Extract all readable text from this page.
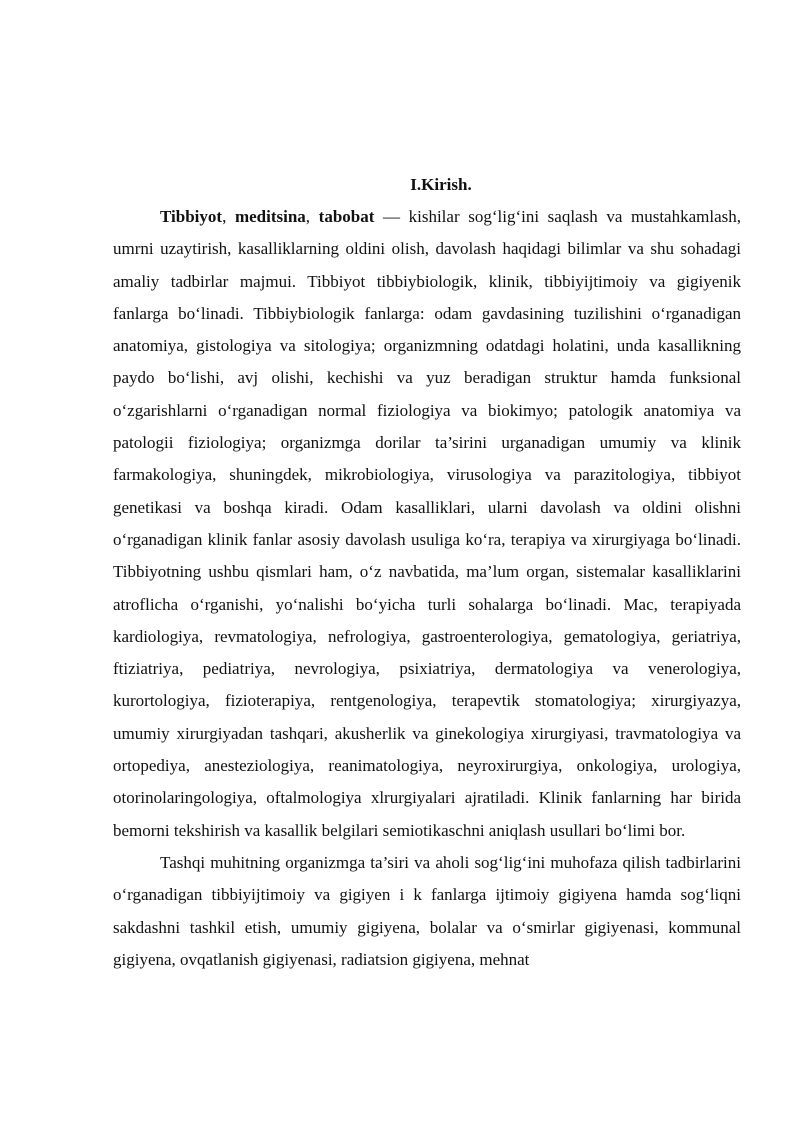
I.Kirish.

Tibbiyot, meditsina, tabobat — kishilar sog‘lig‘ini saqlash va mustahkamlash, umrni uzaytirish, kasalliklarning oldini olish, davolash haqidagi bilimlar va shu sohadagi amaliy tadbirlar majmui. Tibbiyot tibbiybiologik, klinik, tibbiyijtimoiy va gigiyenik fanlarga bo‘linadi. Tibbiybiologik fanlarga: odam gavdasining tuzilishini o‘rganadigan anatomiya, gistologiya va sitologiya; organizmning odatdagi holatini, unda kasallikning paydo bo‘lishi, avj olishi, kechishi va yuz beradigan struktur hamda funksional o‘zgarishlarni o‘rganadigan normal fiziologiya va biokimyo; patologik anatomiya va patologii fiziologiya; organizmga dorilar ta’sirini urganadigan umumiy va klinik farmakologiya, shuningdek, mikrobiologiya, virusologiya va parazitologiya, tibbiyot genetikasi va boshqa kiradi. Odam kasalliklari, ularni davolash va oldini olishni o‘rganadigan klinik fanlar asosiy davolash usuliga ko‘ra, terapiya va xirurgiyaga bo‘linadi. Tibbiyotning ushbu qismlari ham, o‘z navbatida, ma’lum organ, sistemalar kasalliklarini atroflicha o‘rganishi, yo‘nalishi bo‘yicha turli sohalarga bo‘linadi. Mac, terapiyada kardiologiya, revmatologiya, nefrologiya, gastroenterologiya, gematologiya, geriatriya, ftiziatriya, pediatriya, nevrologiya, psixiatriya, dermatologiya va venerologiya, kurortologiya, fizioterapiya, rentgenologiya, terapevtik stomatologiya; xirurgiyazya, umumiy xirurgiyadan tashqari, akusherlik va ginekologiya xirurgiyasi, travmatologiya va ortopediya, anesteziologiya, reanimatologiya, neyroxirurgiya, onkologiya, urologiya, otorinolaringologiya, oftalmologiya xlrurgiyalari ajratiladi. Klinik fanlarning har birida bemorni tekshirish va kasallik belgilari semiotikaschni aniqlash usullari bo‘limi bor.

Tashqi muhitning organizmga ta’siri va aholi sog‘lig‘ini muhofaza qilish tadbirlarini o‘rganadigan tibbiyijtimoiy va gigiyen i k fanlarga ijtimoiy gigiyena hamda sog‘liqni sakdashni tashkil etish, umumiy gigiyena, bolalar va o‘smirlar gigiyenasi, kommunal gigiyena, ovqatlanish gigiyenasi, radiatsion gigiyena, mehnat
